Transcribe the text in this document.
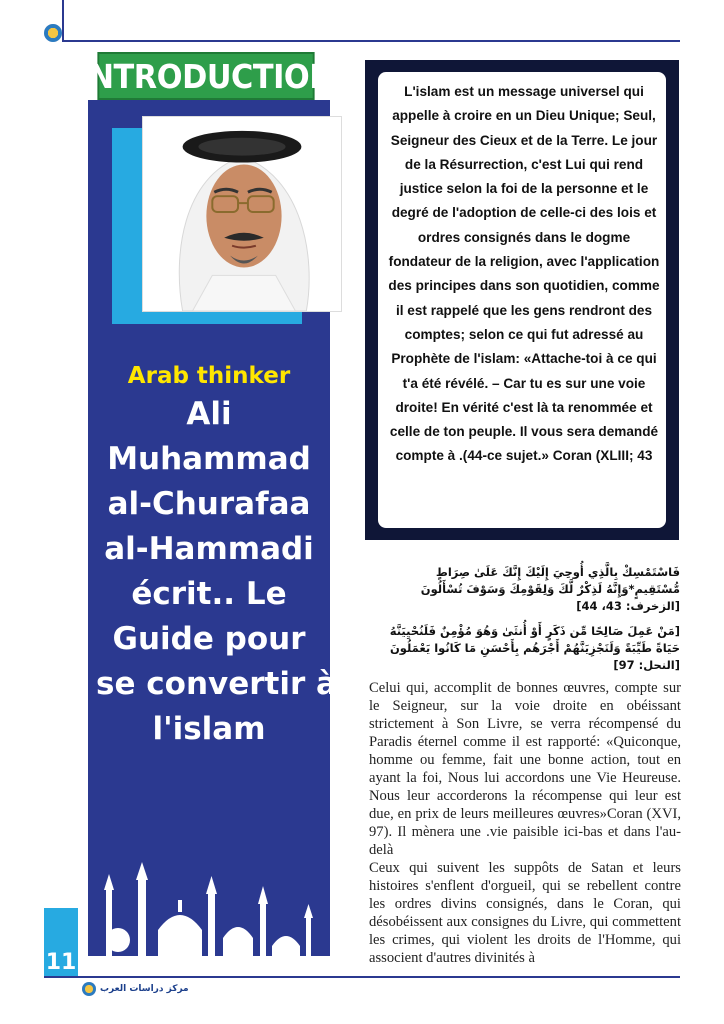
INTRODUCTION
Arab thinker
Ali
Muhammad
al-Churafaa
al-Hammadi
écrit.. Le
Guide pour
se convertir à
l'islam
11
مركز دراسات العرب
L'islam est un message universel qui appelle à croire en un Dieu Unique; Seul, Seigneur des Cieux et de la Terre. Le jour de la Résurrection, c'est Lui qui rend justice selon la foi de la personne et le degré de l'adoption de celle-ci des lois et ordres consignés dans le dogme fondateur de la religion, avec l'application des principes dans son quotidien, comme il est rappelé que les gens rendront des comptes; selon ce qui fut adressé au Prophète de l'islam: «Attache-toi à ce qui t'a été révélé. – Car tu es sur une voie droite! En vérité c'est là ta renommée et celle de ton peuple. Il vous sera demandé compte à .(44-ce sujet.» Coran (XLIII; 43
فَاسْتَمْسِكْ بِالَّذِي أُوحِيَ إِلَيْكَ إِنَّكَ عَلَىٰ صِرَاطٍ مُّسْتَقِيمٍ*وَإِنَّهُ لَذِكْرٌ لَّكَ وَلِقَوْمِكَ وَسَوْفَ تُسْأَلُونَ [الزخرف: 43، 44]
[مَنْ عَمِلَ صَالِحًا مِّن ذَكَرٍ أَوْ أُنثَىٰ وَهُوَ مُؤْمِنٌ فَلَنُحْيِيَنَّهُ حَيَاةً طَيِّبَةً وَلَنَجْزِيَنَّهُمْ أَجْرَهُم بِأَحْسَنِ مَا كَانُوا يَعْمَلُونَ [النحل: 97]

Celui qui, accomplit de bonnes œuvres, compte sur le Seigneur, sur la voie droite en obéissant strictement à Son Livre, se verra récompensé du Paradis éternel comme il est rapporté: «Quiconque, homme ou femme, fait une bonne action, tout en ayant la foi, Nous lui accordons une Vie Heureuse. Nous leur accorderons la récompense qui leur est due, en prix de leurs meilleures œuvres»Coran (XVI, 97). Il mènera une .vie paisible ici-bas et dans l'au-delà

Ceux qui suivent les suppôts de Satan et leurs histoires s'enflent d'orgueil, qui se rebellent contre les ordres divins consignés, dans le Coran, qui désobéissent aux consignes du Livre, qui commettent les crimes, qui violent les droits de l'Homme, qui associent d'autres divinités à
